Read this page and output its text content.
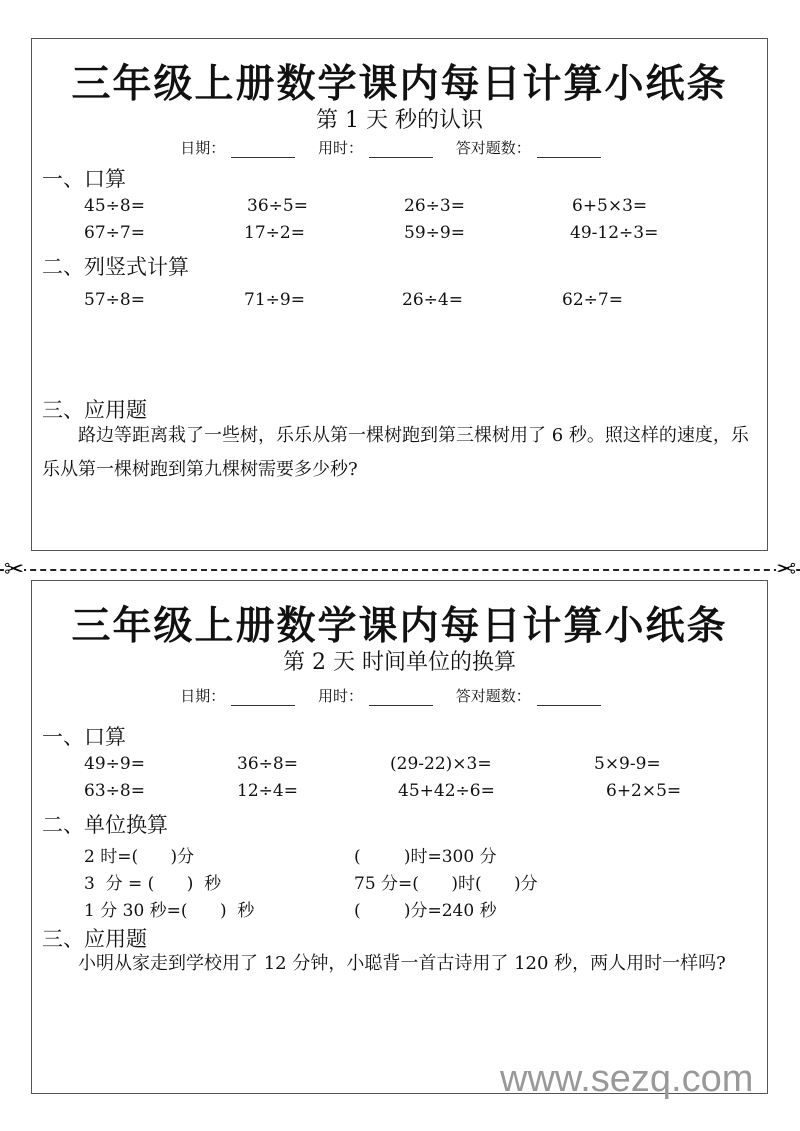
三年级上册数学课内每日计算小纸条
第 1 天 秒的认识
日期：	用时：	答对题数：
一、口算
45÷8=	36÷5=	26÷3=	6+5×3=
67÷7=	17÷2=	59÷9=	49-12÷3=
二、列竖式计算
57÷8=	71÷9=	26÷4=	62÷7=
三、应用题
路边等距离栽了一些树，乐乐从第一棵树跑到第三棵树用了 6 秒。照这样的速度，乐乐从第一棵树跑到第九棵树需要多少秒?
✂	✂
三年级上册数学课内每日计算小纸条
第 2 天 时间单位的换算
日期：	用时：	答对题数：
一、口算
49÷9=	36÷8=	(29-22)×3=	5×9-9=
63÷8=	12÷4=	45+42÷6=	6+2×5=
二、单位换算
2 时=(      )分	(        )时=300 分
3  分 = (      )  秒	75 分=(      )时(      )分
1 分 30 秒=(      )  秒	(        )分=240 秒
三、应用题
小明从家走到学校用了 12 分钟，小聪背一首古诗用了 120 秒，两人用时一样吗?
www.sezq.com
